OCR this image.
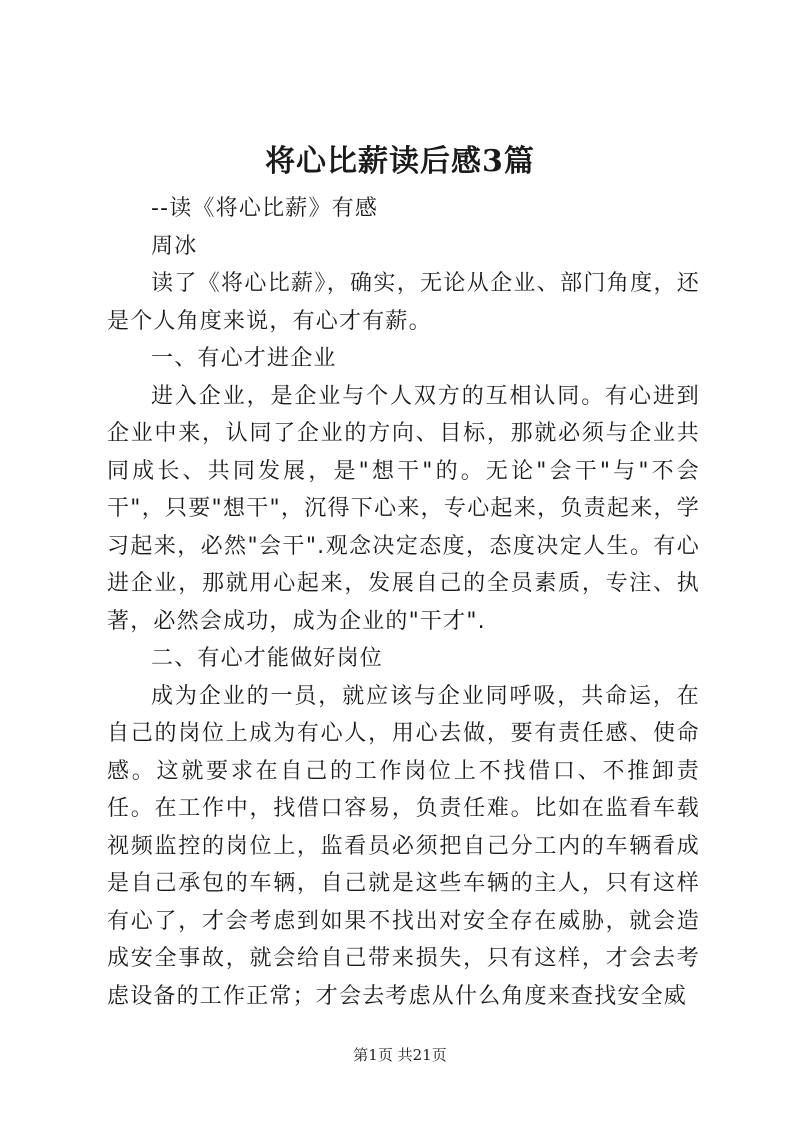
将心比薪读后感3篇

--读《将心比薪》有感

周冰

读了《将心比薪》，确实，无论从企业、部门角度，还是个人角度来说，有心才有薪。

一、有心才进企业

进入企业，是企业与个人双方的互相认同。有心进到企业中来，认同了企业的方向、目标，那就必须与企业共同成长、共同发展，是"想干"的。无论"会干"与"不会干"，只要"想干"，沉得下心来，专心起来，负责起来，学习起来，必然"会干".观念决定态度，态度决定人生。有心进企业，那就用心起来，发展自己的全员素质，专注、执著，必然会成功，成为企业的"干才".

二、有心才能做好岗位

成为企业的一员，就应该与企业同呼吸，共命运，在自己的岗位上成为有心人，用心去做，要有责任感、使命感。这就要求在自己的工作岗位上不找借口、不推卸责任。在工作中，找借口容易，负责任难。比如在监看车载视频监控的岗位上，监看员必须把自己分工内的车辆看成是自己承包的车辆，自己就是这些车辆的主人，只有这样有心了，才会考虑到如果不找出对安全存在威胁，就会造成安全事故，就会给自己带来损失，只有这样，才会去考虑设备的工作正常；才会去考虑从什么角度来查找安全威

第1页 共21页
